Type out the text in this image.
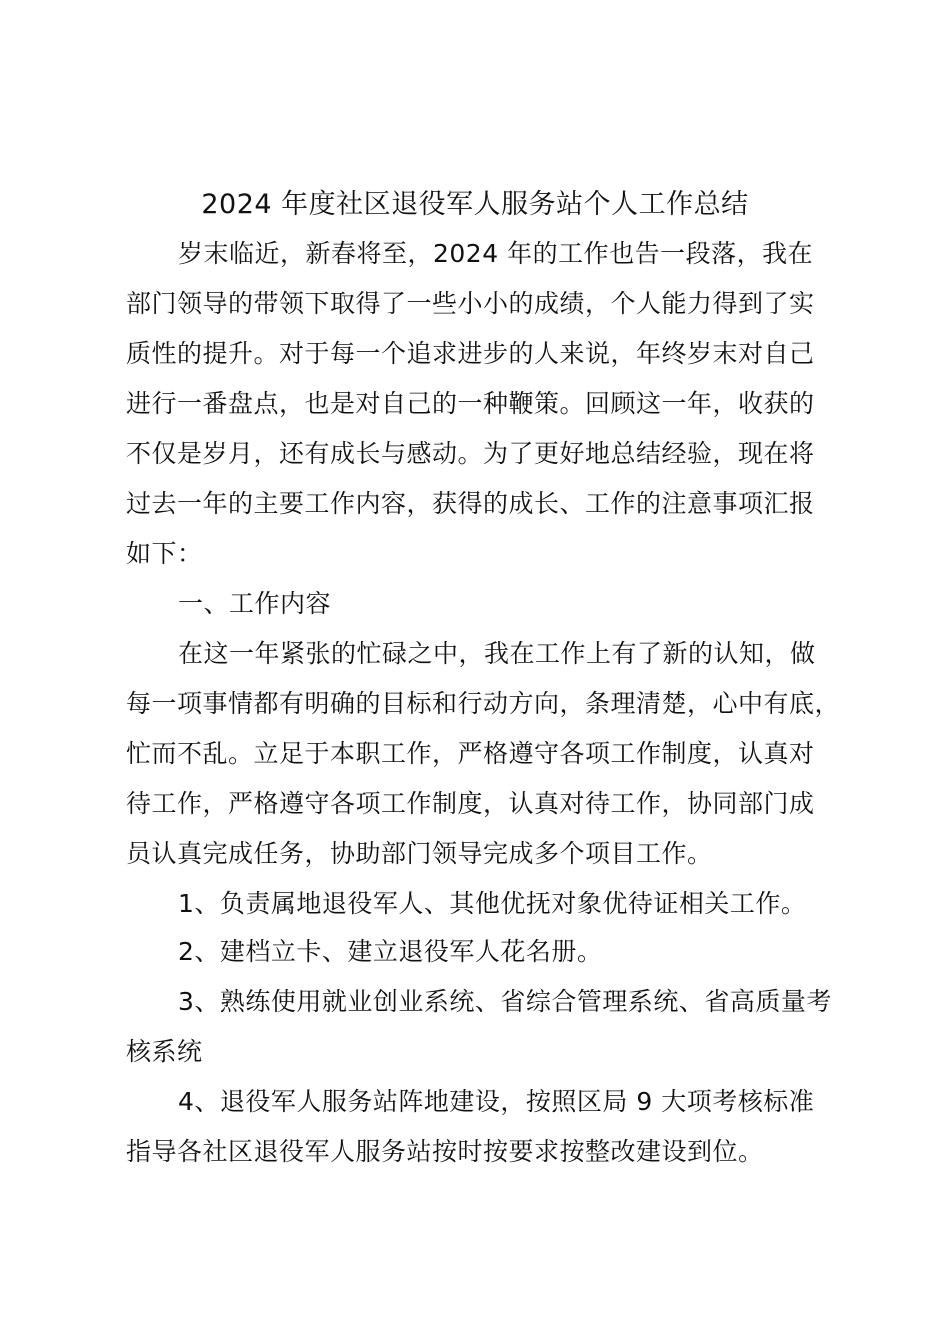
2024 年度社区退役军人服务站个人工作总结
岁末临近，新春将至，2024 年的工作也告一段落，我在
部门领导的带领下取得了一些小小的成绩，个人能力得到了实
质性的提升。对于每一个追求进步的人来说，年终岁末对自己
进行一番盘点，也是对自己的一种鞭策。回顾这一年，收获的
不仅是岁月，还有成长与感动。为了更好地总结经验，现在将
过去一年的主要工作内容，获得的成长、工作的注意事项汇报
如下：
一、工作内容
在这一年紧张的忙碌之中，我在工作上有了新的认知，做
每一项事情都有明确的目标和行动方向，条理清楚，心中有底，
忙而不乱。立足于本职工作，严格遵守各项工作制度，认真对
待工作，严格遵守各项工作制度，认真对待工作，协同部门成
员认真完成任务，协助部门领导完成多个项目工作。
1、负责属地退役军人、其他优抚对象优待证相关工作。
2、建档立卡、建立退役军人花名册。
3、熟练使用就业创业系统、省综合管理系统、省高质量考
核系统
4、退役军人服务站阵地建设，按照区局 9 大项考核标准
指导各社区退役军人服务站按时按要求按整改建设到位。
